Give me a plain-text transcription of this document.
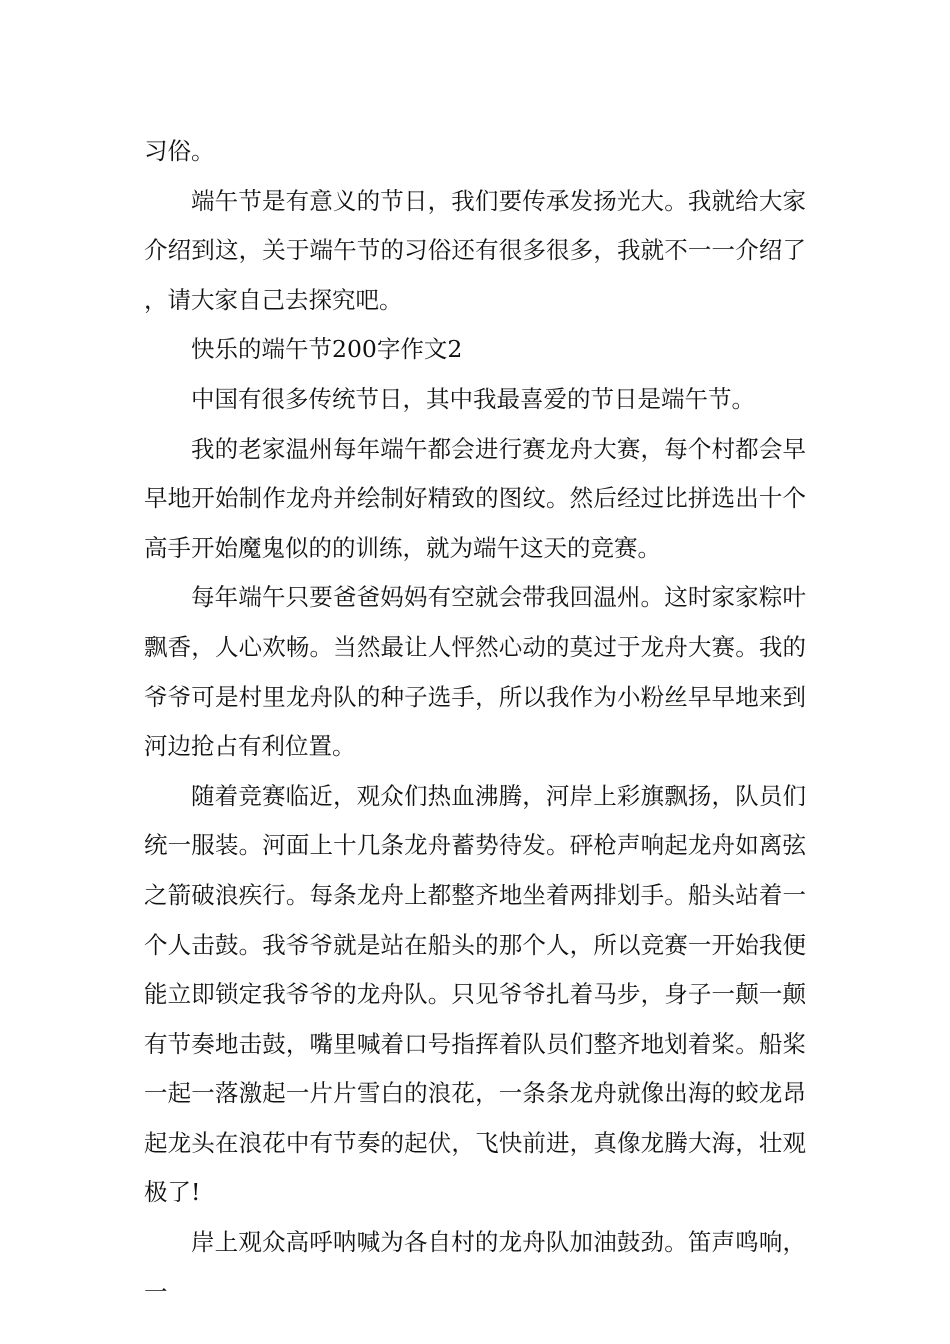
习俗。

端午节是有意义的节日，我们要传承发扬光大。我就给大家介绍到这，关于端午节的习俗还有很多很多，我就不一一介绍了，请大家自己去探究吧。

快乐的端午节200字作文2

中国有很多传统节日，其中我最喜爱的节日是端午节。

我的老家温州每年端午都会进行赛龙舟大赛，每个村都会早早地开始制作龙舟并绘制好精致的图纹。然后经过比拼选出十个高手开始魔鬼似的的训练，就为端午这天的竞赛。

每年端午只要爸爸妈妈有空就会带我回温州。这时家家粽叶飘香，人心欢畅。当然最让人怦然心动的莫过于龙舟大赛。我的爷爷可是村里龙舟队的种子选手，所以我作为小粉丝早早地来到河边抢占有利位置。

随着竞赛临近，观众们热血沸腾，河岸上彩旗飘扬，队员们统一服装。河面上十几条龙舟蓄势待发。砰枪声响起龙舟如离弦之箭破浪疾行。每条龙舟上都整齐地坐着两排划手。船头站着一个人击鼓。我爷爷就是站在船头的那个人，所以竞赛一开始我便能立即锁定我爷爷的龙舟队。只见爷爷扎着马步，身子一颠一颠有节奏地击鼓，嘴里喊着口号指挥着队员们整齐地划着桨。船桨一起一落激起一片片雪白的浪花，一条条龙舟就像出海的蛟龙昂起龙头在浪花中有节奏的起伏，飞快前进，真像龙腾大海，壮观极了!

岸上观众高呼呐喊为各自村的龙舟队加油鼓劲。笛声鸣响，一
